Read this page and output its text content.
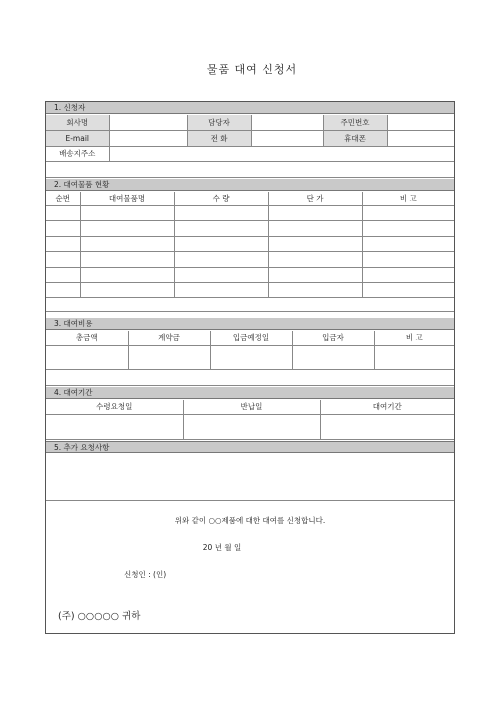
물품 대여 신청서
1. 신청자
회사명		담당자		주민번호	
E-mail		전 화		휴대폰	
배송지주소					
2. 대여물품 현황
순번	대여물품명	수 량	단 가	비 고

3. 대여비용
총금액	계약금	입금예정일	입금자	비 고

4. 대여기간
수령요청일	반납일	대여기간

5. 추가 요청사항
위와 같이 ○○제품에 대한 대여를 신청합니다.
20 년 월 일
신청인 : (인)
(주) ○○○○○ 귀하
